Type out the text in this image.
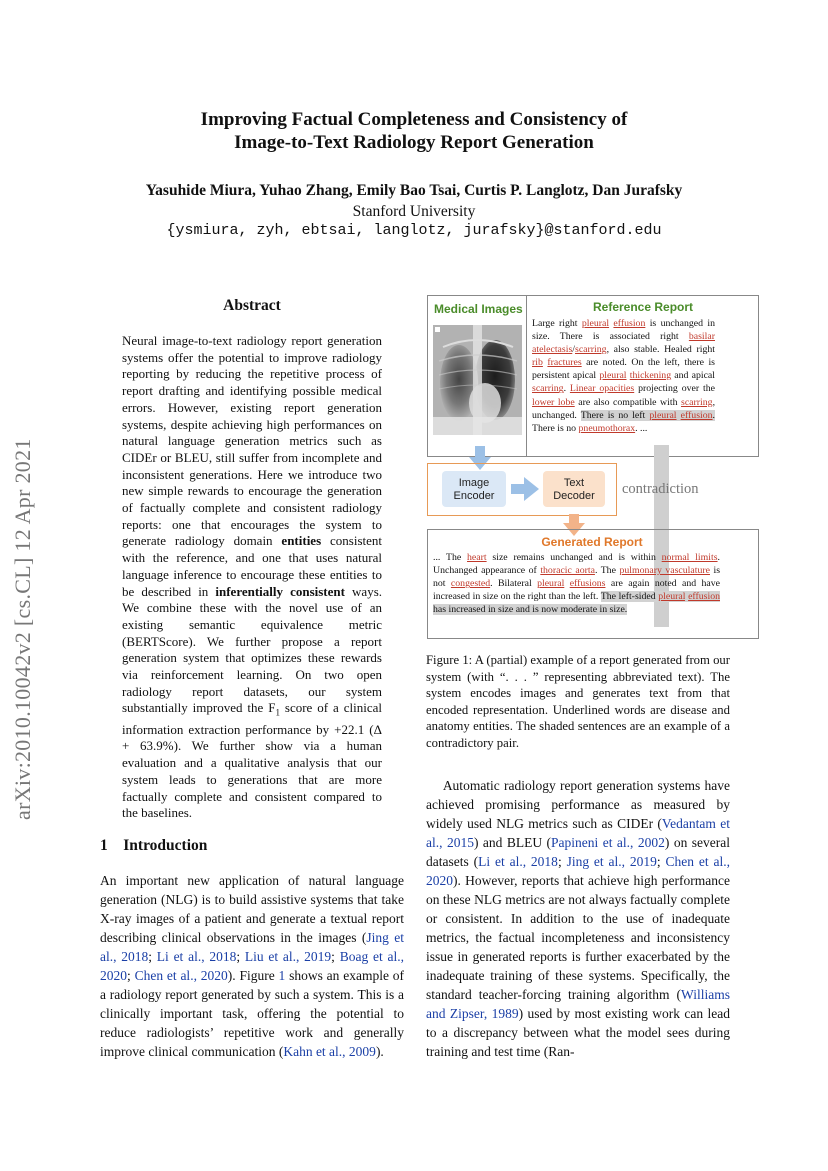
Improving Factual Completeness and Consistency of
Image-to-Text Radiology Report Generation
Yasuhide Miura, Yuhao Zhang, Emily Bao Tsai, Curtis P. Langlotz, Dan Jurafsky
Stanford University
{ysmiura, zyh, ebtsai, langlotz, jurafsky}@stanford.edu
arXiv:2010.10042v2 [cs.CL] 12 Apr 2021
Abstract
Neural image-to-text radiology report generation systems offer the potential to improve radiology reporting by reducing the repetitive process of report drafting and identifying possible medical errors. However, existing report generation systems, despite achieving high performances on natural language generation metrics such as CIDEr or BLEU, still suffer from incomplete and inconsistent generations. Here we introduce two new simple rewards to encourage the generation of factually complete and consistent radiology reports: one that encourages the system to generate radiology domain entities consistent with the reference, and one that uses natural language inference to encourage these entities to be described in inferentially consistent ways. We combine these with the novel use of an existing semantic equivalence metric (BERTScore). We further propose a report generation system that optimizes these rewards via reinforcement learning. On two open radiology report datasets, our system substantially improved the $F_1$ score of a clinical information extraction performance by +22.1 (Δ + 63.9%). We further show via a human evaluation and a qualitative analysis that our system leads to generations that are more factually complete and consistent compared to the baselines.
1 Introduction
An important new application of natural language generation (NLG) is to build assistive systems that take X-ray images of a patient and generate a textual report describing clinical observations in the images (Jing et al., 2018; Li et al., 2018; Liu et al., 2019; Boag et al., 2020; Chen et al., 2020). Figure 1 shows an example of a radiology report generated by such a system. This is a clinically important task, offering the potential to reduce radiologists’ repetitive work and generally improve clinical communication (Kahn et al., 2009).
Automatic radiology report generation systems have achieved promising performance as measured by widely used NLG metrics such as CIDEr (Vedantam et al., 2015) and BLEU (Papineni et al., 2002) on several datasets (Li et al., 2018; Jing et al., 2019; Chen et al., 2020). However, reports that achieve high performance on these NLG metrics are not always factually complete or consistent. In addition to the use of inadequate metrics, the factual incompleteness and inconsistency issue in generated reports is further exacerbated by the inadequate training of these systems. Specifically, the standard teacher-forcing training algorithm (Williams and Zipser, 1989) used by most existing work can lead to a discrepancy between what the model sees during training and test time (Ran-
Medical Images	Reference Report
Large right pleural effusion is unchanged in size. There is associated right basilar atelectasis/scarring, also stable. Healed right rib fractures are noted. On the left, there is persistent apical pleural thickening and apical scarring. Linear opacities projecting over the lower lobe are also compatible with scarring, unchanged. There is no left pleural effusion. There is no pneumothorax. ...
Image
Encoder
Text
Decoder	contradiction
Generated Report
... The heart size remains unchanged and is within normal limits. Unchanged appearance of thoracic aorta. The pulmonary vasculature is not congested. Bilateral pleural effusions are again noted and have increased in size on the right than the left. The left-sided pleural effusion has increased in size and is now moderate in size.
Figure 1: A (partial) example of a report generated from our system (with “. . . ” representing abbreviated text). The system encodes images and generates text from that encoded representation. Underlined words are disease and anatomy entities. The shaded sentences are an example of a contradictory pair.
